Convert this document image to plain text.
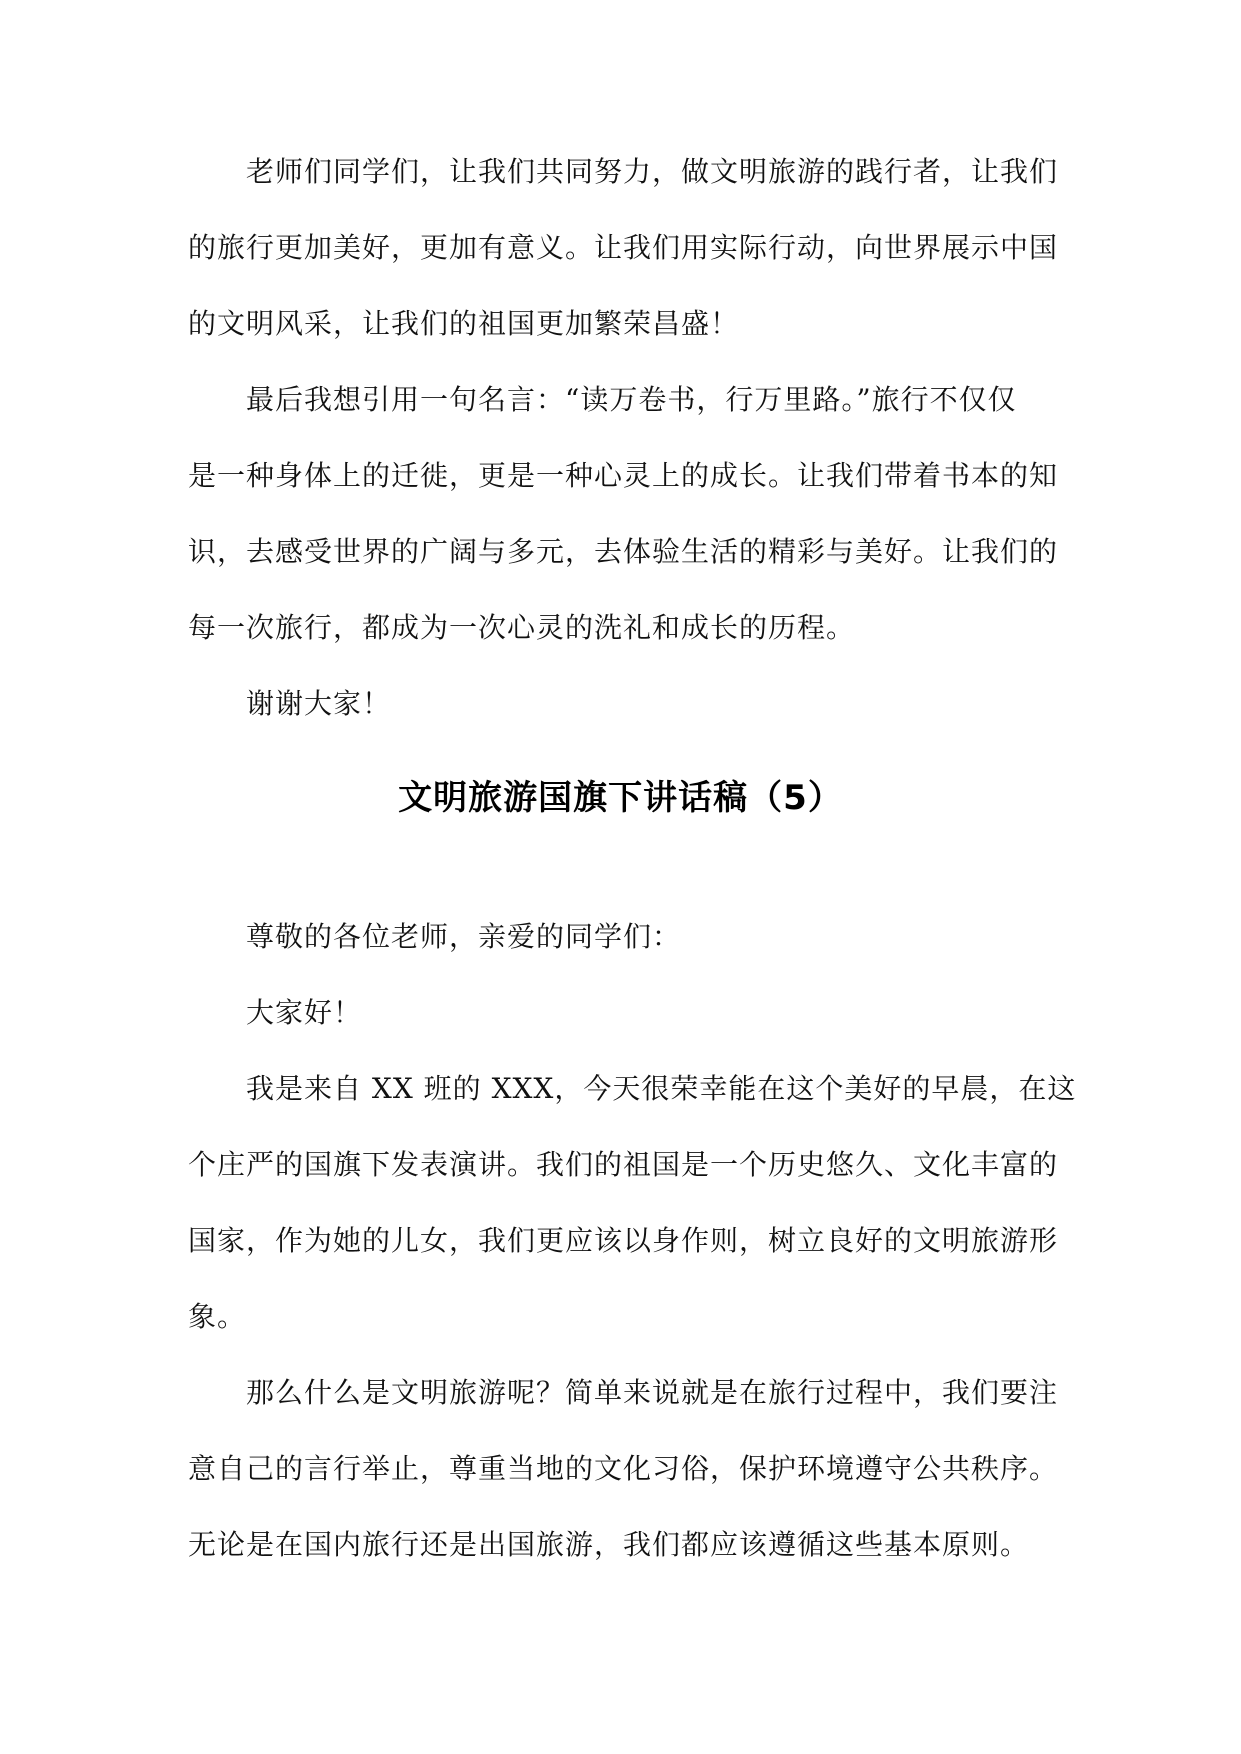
老师们同学们，让我们共同努力，做文明旅游的践行者，让我们
的旅行更加美好，更加有意义。让我们用实际行动，向世界展示中国
的文明风采，让我们的祖国更加繁荣昌盛！
最后我想引用一句名言：“读万卷书，行万里路。”旅行不仅仅
是一种身体上的迁徙，更是一种心灵上的成长。让我们带着书本的知
识，去感受世界的广阔与多元，去体验生活的精彩与美好。让我们的
每一次旅行，都成为一次心灵的洗礼和成长的历程。
谢谢大家！
文明旅游国旗下讲话稿（5）
尊敬的各位老师，亲爱的同学们：
大家好！
我是来自 XX 班的 XXX，今天很荣幸能在这个美好的早晨，在这
个庄严的国旗下发表演讲。我们的祖国是一个历史悠久、文化丰富的
国家，作为她的儿女，我们更应该以身作则，树立良好的文明旅游形
象。
那么什么是文明旅游呢？简单来说就是在旅行过程中，我们要注
意自己的言行举止，尊重当地的文化习俗，保护环境遵守公共秩序。
无论是在国内旅行还是出国旅游，我们都应该遵循这些基本原则。
